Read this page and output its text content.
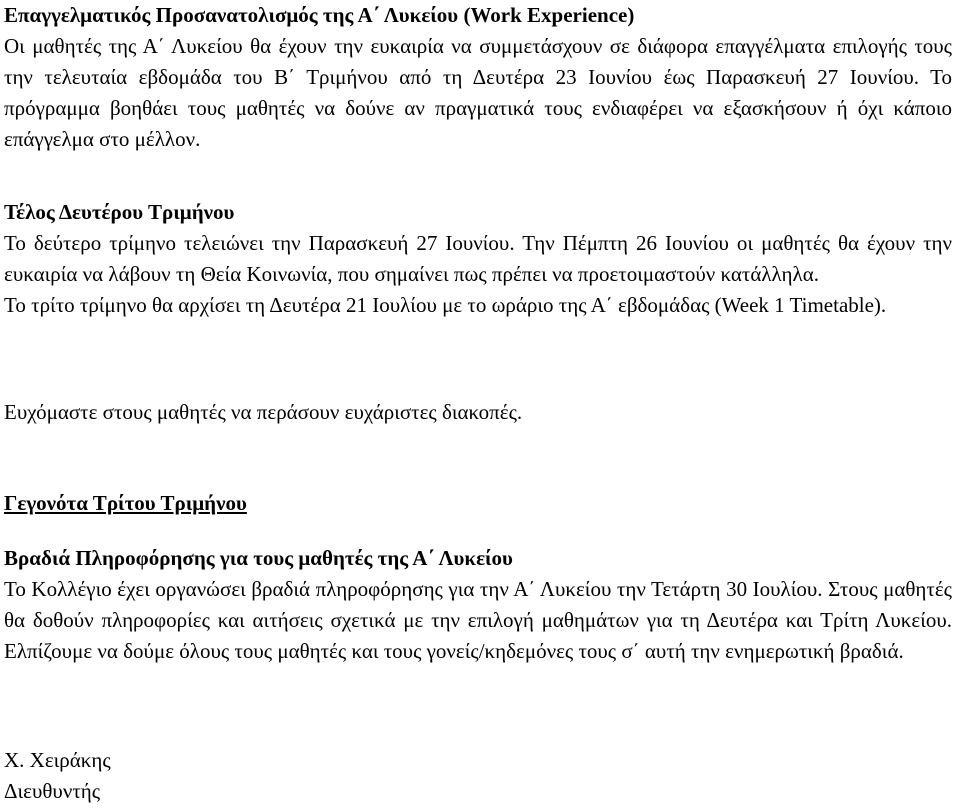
Επαγγελματικός Προσανατολισμός της Α΄ Λυκείου (Work Experience)

Οι μαθητές της Α΄ Λυκείου θα έχουν την ευκαιρία να συμμετάσχουν σε διάφορα επαγγέλματα επιλογής τους την τελευταία εβδομάδα του Β΄ Τριμήνου από τη Δευτέρα 23 Ιουνίου έως Παρασκευή 27 Ιουνίου. Το πρόγραμμα βοηθάει τους μαθητές να δούνε αν πραγματικά τους ενδιαφέρει να εξασκήσουν ή όχι κάποιο επάγγελμα στο μέλλον.

Τέλος Δευτέρου Τριμήνου

Το δεύτερο τρίμηνο τελειώνει την Παρασκευή 27 Ιουνίου. Την Πέμπτη 26 Ιουνίου οι μαθητές θα έχουν την ευκαιρία να λάβουν τη Θεία Κοινωνία, που σημαίνει πως πρέπει να προετοιμαστούν κατάλληλα.

Το τρίτο τρίμηνο θα αρχίσει τη Δευτέρα 21 Ιουλίου με το ωράριο της Α΄ εβδομάδας (Week 1 Timetable).

Ευχόμαστε στους μαθητές να περάσουν ευχάριστες διακοπές.

Γεγονότα Τρίτου Τριμήνου

Βραδιά Πληροφόρησης για τους μαθητές της Α΄ Λυκείου

Το Κολλέγιο έχει οργανώσει βραδιά πληροφόρησης για την Α΄ Λυκείου την Τετάρτη 30 Ιουλίου. Στους μαθητές θα δοθούν πληροφορίες και αιτήσεις σχετικά με την επιλογή μαθημάτων για τη Δευτέρα και Τρίτη Λυκείου. Ελπίζουμε να δούμε όλους τους μαθητές και τους γονείς/κηδεμόνες τους σ΄ αυτή την ενημερωτική βραδιά.

Χ. Χειράκης

Διευθυντής
